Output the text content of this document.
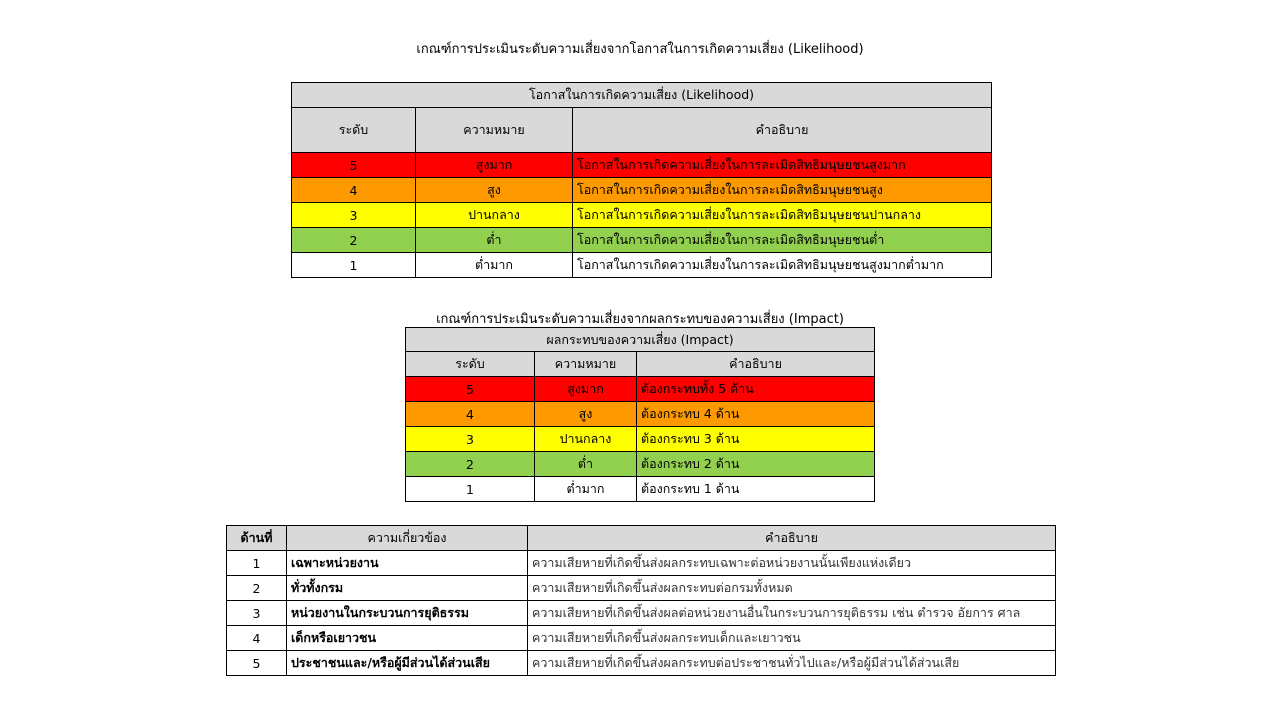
เกณฑ์การประเมินระดับความเสี่ยงจากโอกาสในการเกิดความเสี่ยง (Likelihood)
โอกาสในการเกิดความเสี่ยง (Likelihood)		
ระดับ	ความหมาย	คำอธิบาย
5	สูงมาก	โอกาสในการเกิดความเสี่ยงในการละเมิดสิทธิมนุษยชนสูงมาก
4	สูง	โอกาสในการเกิดความเสี่ยงในการละเมิดสิทธิมนุษยชนสูง
3	ปานกลาง	โอกาสในการเกิดความเสี่ยงในการละเมิดสิทธิมนุษยชนปานกลาง
2	ต่ำ	โอกาสในการเกิดความเสี่ยงในการละเมิดสิทธิมนุษยชนต่ำ
1	ต่ำมาก	โอกาสในการเกิดความเสี่ยงในการละเมิดสิทธิมนุษยชนสูงมากต่ำมาก
เกณฑ์การประเมินระดับความเสี่ยงจากผลกระทบของความเสี่ยง (Impact)
ผลกระทบของความเสี่ยง (Impact)		
ระดับ	ความหมาย	คำอธิบาย
5	สูงมาก	ต้องกระทบทั้ง 5 ด้าน
4	สูง	ต้องกระทบ 4 ด้าน
3	ปานกลาง	ต้องกระทบ 3 ด้าน
2	ต่ำ	ต้องกระทบ 2 ด้าน
1	ต่ำมาก	ต้องกระทบ 1 ด้าน
ด้านที่	ความเกี่ยวข้อง	คำอธิบาย
1	เฉพาะหน่วยงาน	ความเสียหายที่เกิดขึ้นส่งผลกระทบเฉพาะต่อหน่วยงานนั้นเพียงแห่งเดียว
2	ทั่วทั้งกรม	ความเสียหายที่เกิดขึ้นส่งผลกระทบต่อกรมทั้งหมด
3	หน่วยงานในกระบวนการยุติธรรม	ความเสียหายที่เกิดขึ้นส่งผลต่อหน่วยงานอื่นในกระบวนการยุติธรรม เช่น ตำรวจ อัยการ ศาล
4	เด็กหรือเยาวชน	ความเสียหายที่เกิดขึ้นส่งผลกระทบเด็กและเยาวชน
5	ประชาชนและ/หรือผู้มีส่วนได้ส่วนเสีย	ความเสียหายที่เกิดขึ้นส่งผลกระทบต่อประชาชนทั่วไปและ/หรือผู้มีส่วนได้ส่วนเสีย
